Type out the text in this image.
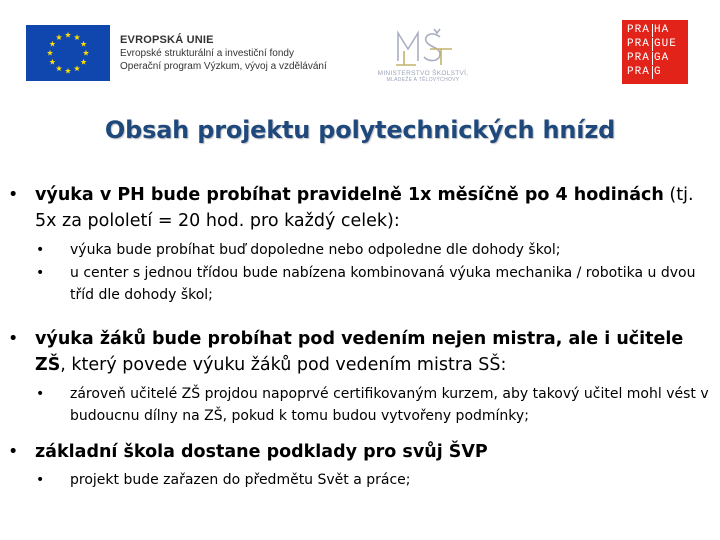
EVROPSKÁ UNIE
Evropské strukturální a investiční fondy
Operační program Výzkum, vývoj a vzdělávání
MINISTERSTVO ŠKOLSTVÍ,
MLÁDEŽE A TĚLOVÝCHOVY
PRA HA
PRA GUE
PRA GA
PRA G
Obsah projektu polytechnických hnízd
• výuka v PH bude probíhat pravidelně 1x měsíčně po 4 hodinách (tj. 5x za pololetí = 20 hod. pro každý celek):
•	výuka bude probíhat buď dopoledne nebo odpoledne dle dohody škol;
•	u center s jednou třídou bude nabízena kombinovaná výuka mechanika / robotika u dvou tříd dle dohody škol;
• výuka žáků bude probíhat pod vedením nejen mistra, ale i učitele ZŠ, který povede výuku žáků pod vedením mistra SŠ:
•	zároveň učitelé ZŠ projdou napoprvé certifikovaným kurzem, aby takový učitel mohl vést v budoucnu dílny na ZŠ, pokud k tomu budou vytvořeny podmínky;
• základní škola dostane podklady pro svůj ŠVP
•	projekt bude zařazen do předmětu Svět a práce;
